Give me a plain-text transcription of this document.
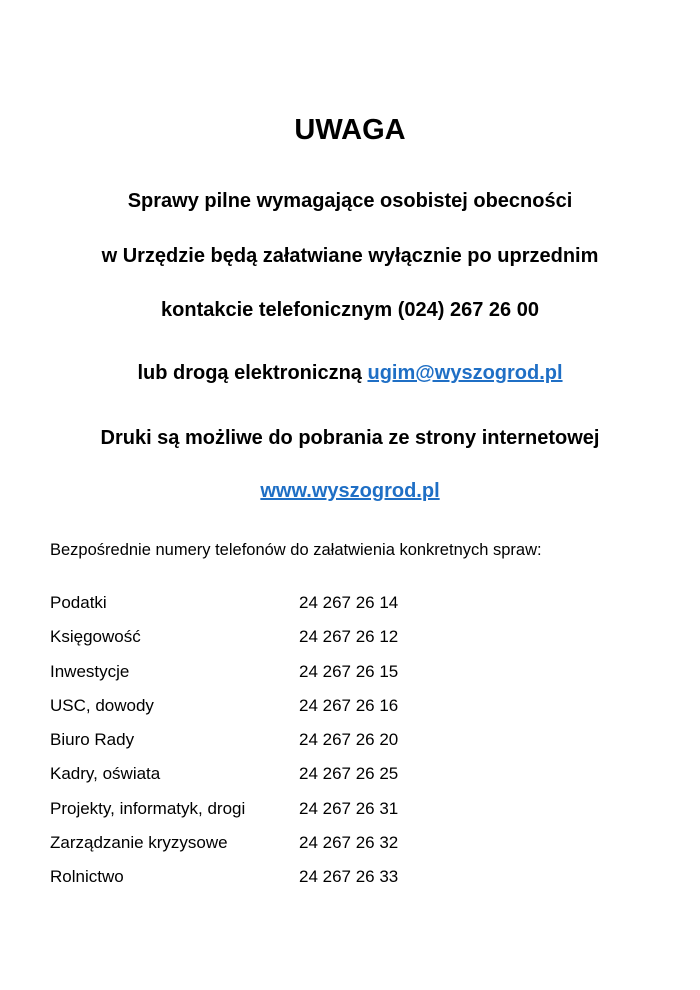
UWAGA
Sprawy pilne wymagające osobistej obecności
w Urzędzie będą załatwiane wyłącznie po uprzednim
kontakcie telefonicznym (024) 267 26 00
lub drogą elektroniczną ugim@wyszogrod.pl
Druki są możliwe do pobrania ze strony internetowej
www.wyszogrod.pl
Bezpośrednie numery telefonów do załatwienia konkretnych spraw:
Podatki	24 267 26 14
Księgowość	24 267 26 12
Inwestycje	24 267 26 15
USC, dowody	24 267 26 16
Biuro Rady	24 267 26 20
Kadry, oświata	24 267 26 25
Projekty, informatyk, drogi	24 267 26 31
Zarządzanie kryzysowe	24 267 26 32
Rolnictwo	24 267 26 33
